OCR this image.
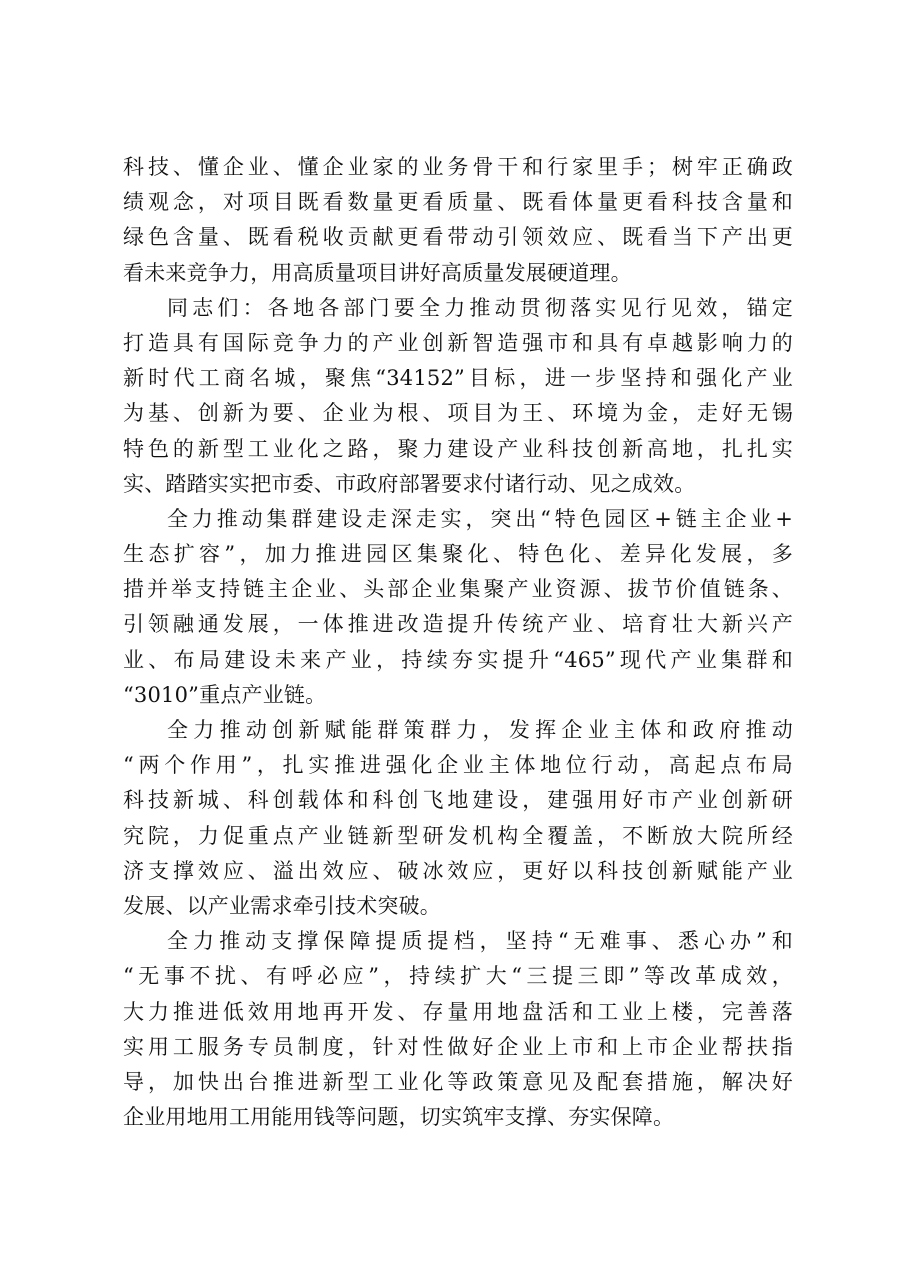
科技、懂企业、懂企业家的业务骨干和行家里手；树牢正确政
绩观念，对项目既看数量更看质量、既看体量更看科技含量和
绿色含量、既看税收贡献更看带动引领效应、既看当下产出更
看未来竞争力，用高质量项目讲好高质量发展硬道理。
同志们：各地各部门要全力推动贯彻落实见行见效，锚定
打造具有国际竞争力的产业创新智造强市和具有卓越影响力的
新时代工商名城，聚焦“34152”目标，进一步坚持和强化产业
为基、创新为要、企业为根、项目为王、环境为金，走好无锡
特色的新型工业化之路，聚力建设产业科技创新高地，扎扎实
实、踏踏实实把市委、市政府部署要求付诸行动、见之成效。
全力推动集群建设走深走实，突出“特色园区+链主企业+
生态扩容”，加力推进园区集聚化、特色化、差异化发展，多
措并举支持链主企业、头部企业集聚产业资源、拔节价值链条、
引领融通发展，一体推进改造提升传统产业、培育壮大新兴产
业、布局建设未来产业，持续夯实提升“465”现代产业集群和
“3010”重点产业链。
全力推动创新赋能群策群力，发挥企业主体和政府推动
“两个作用”，扎实推进强化企业主体地位行动，高起点布局
科技新城、科创载体和科创飞地建设，建强用好市产业创新研
究院，力促重点产业链新型研发机构全覆盖，不断放大院所经
济支撑效应、溢出效应、破冰效应，更好以科技创新赋能产业
发展、以产业需求牵引技术突破。
全力推动支撑保障提质提档，坚持“无难事、悉心办”和
“无事不扰、有呼必应”，持续扩大“三提三即”等改革成效，
大力推进低效用地再开发、存量用地盘活和工业上楼，完善落
实用工服务专员制度，针对性做好企业上市和上市企业帮扶指
导，加快出台推进新型工业化等政策意见及配套措施，解决好
企业用地用工用能用钱等问题，切实筑牢支撑、夯实保障。
